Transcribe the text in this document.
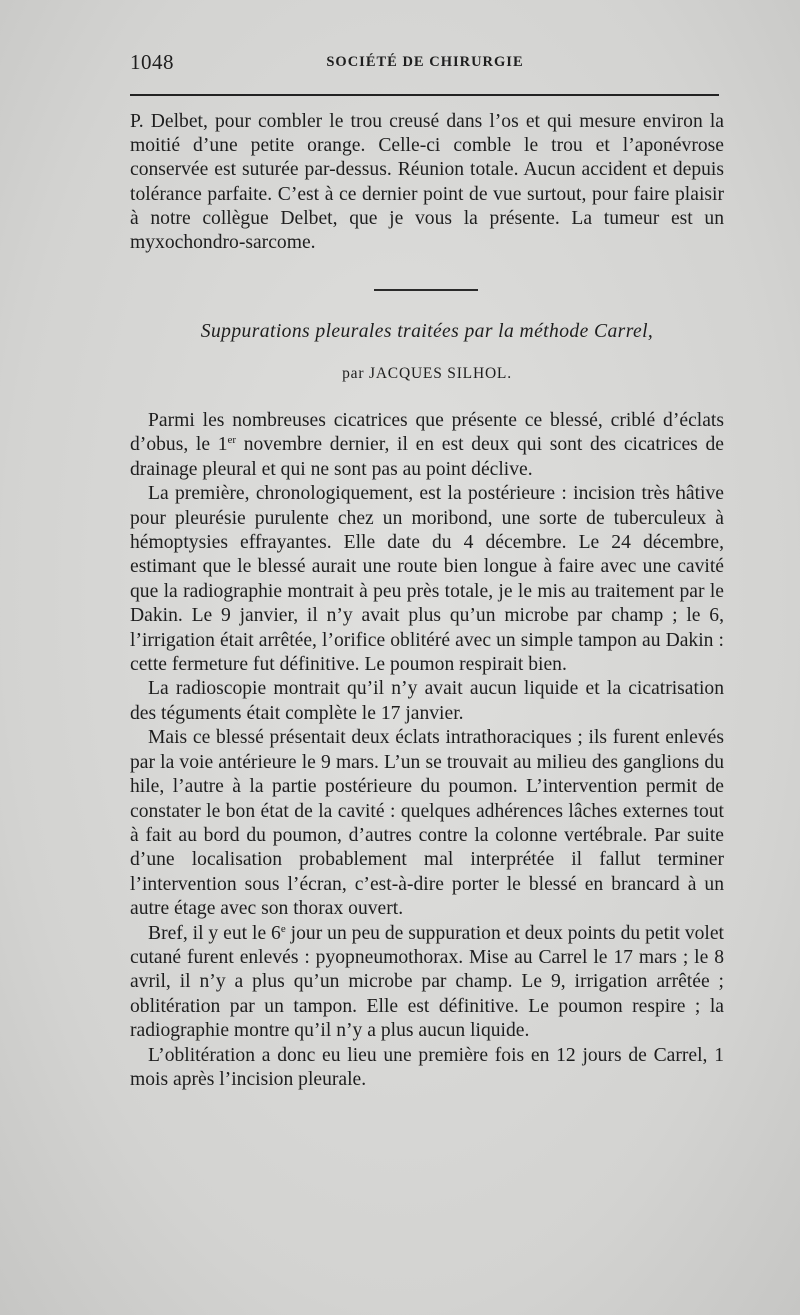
1048	SOCIÉTÉ DE CHIRURGIE

P. Delbet, pour combler le trou creusé dans l’os et qui mesure environ la moitié d’une petite orange. Celle-ci comble le trou et l’aponévrose conservée est suturée par-dessus. Réunion totale. Aucun accident et depuis tolérance parfaite. C’est à ce dernier point de vue surtout, pour faire plaisir à notre collègue Delbet, que je vous la présente. La tumeur est un myxochondro-sarcome.

Suppurations pleurales traitées par la méthode Carrel,
par JACQUES SILHOL.

Parmi les nombreuses cicatrices que présente ce blessé, criblé d’éclats d’obus, le 1er novembre dernier, il en est deux qui sont des cicatrices de drainage pleural et qui ne sont pas au point déclive.

La première, chronologiquement, est la postérieure : incision très hâtive pour pleurésie purulente chez un moribond, une sorte de tuberculeux à hémoptysies effrayantes. Elle date du 4 décembre. Le 24 décembre, estimant que le blessé aurait une route bien longue à faire avec une cavité que la radiographie montrait à peu près totale, je le mis au traitement par le Dakin. Le 9 janvier, il n’y avait plus qu’un microbe par champ ; le 6, l’irrigation était arrêtée, l’orifice oblitéré avec un simple tampon au Dakin : cette fermeture fut définitive. Le poumon respirait bien.

La radioscopie montrait qu’il n’y avait aucun liquide et la cicatrisation des téguments était complète le 17 janvier.

Mais ce blessé présentait deux éclats intrathoraciques ; ils furent enlevés par la voie antérieure le 9 mars. L’un se trouvait au milieu des ganglions du hile, l’autre à la partie postérieure du poumon. L’intervention permit de constater le bon état de la cavité : quelques adhérences lâches externes tout à fait au bord du poumon, d’autres contre la colonne vertébrale. Par suite d’une localisation probablement mal interprétée il fallut terminer l’intervention sous l’écran, c’est-à-dire porter le blessé en brancard à un autre étage avec son thorax ouvert.

Bref, il y eut le 6e jour un peu de suppuration et deux points du petit volet cutané furent enlevés : pyopneumothorax. Mise au Carrel le 17 mars ; le 8 avril, il n’y a plus qu’un microbe par champ. Le 9, irrigation arrêtée ; oblitération par un tampon. Elle est définitive. Le poumon respire ; la radiographie montre qu’il n’y a plus aucun liquide.

L’oblitération a donc eu lieu une première fois en 12 jours de Carrel, 1 mois après l’incision pleurale.
